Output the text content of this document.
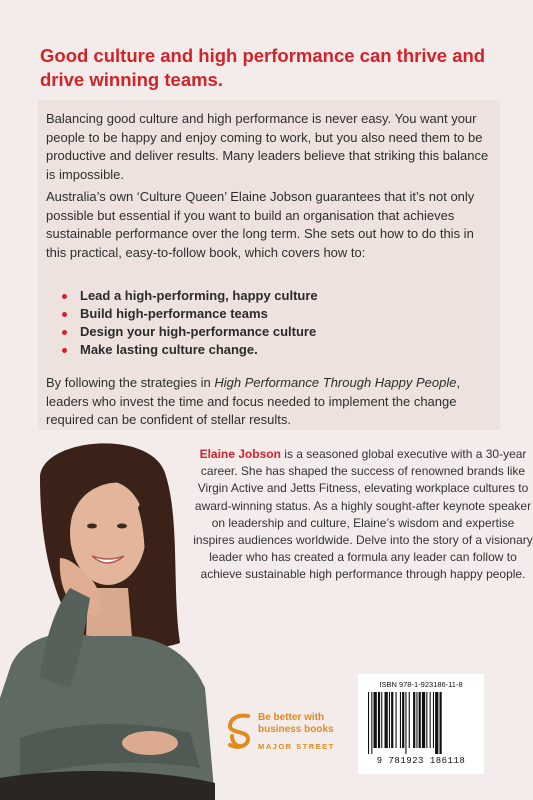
Good culture and high performance can thrive and drive winning teams.

Balancing good culture and high performance is never easy. You want your people to be happy and enjoy coming to work, but you also need them to be productive and deliver results. Many leaders believe that striking this balance is impossible.

Australia’s own ‘Culture Queen’ Elaine Jobson guarantees that it’s not only possible but essential if you want to build an organisation that achieves sustainable performance over the long term. She sets out how to do this in this practical, easy-to-follow book, which covers how to:

Lead a high-performing, happy culture
Build high-performance teams
Design your high-performance culture
Make lasting culture change.

By following the strategies in High Performance Through Happy People, leaders who invest the time and focus needed to implement the change required can be confident of stellar results.

Elaine Jobson is a seasoned global executive with a 30-year career. She has shaped the success of renowned brands like Virgin Active and Jetts Fitness, elevating workplace cultures to award-winning status. As a highly sought-after keynote speaker on leadership and culture, Elaine’s wisdom and expertise inspires audiences worldwide. Delve into the story of a visionary leader who has created a formula any leader can follow to achieve sustainable high performance through happy people.
Be better with business books
MAJOR STREET
ISBN 978-1-923186-11-8
9 781923 186118
